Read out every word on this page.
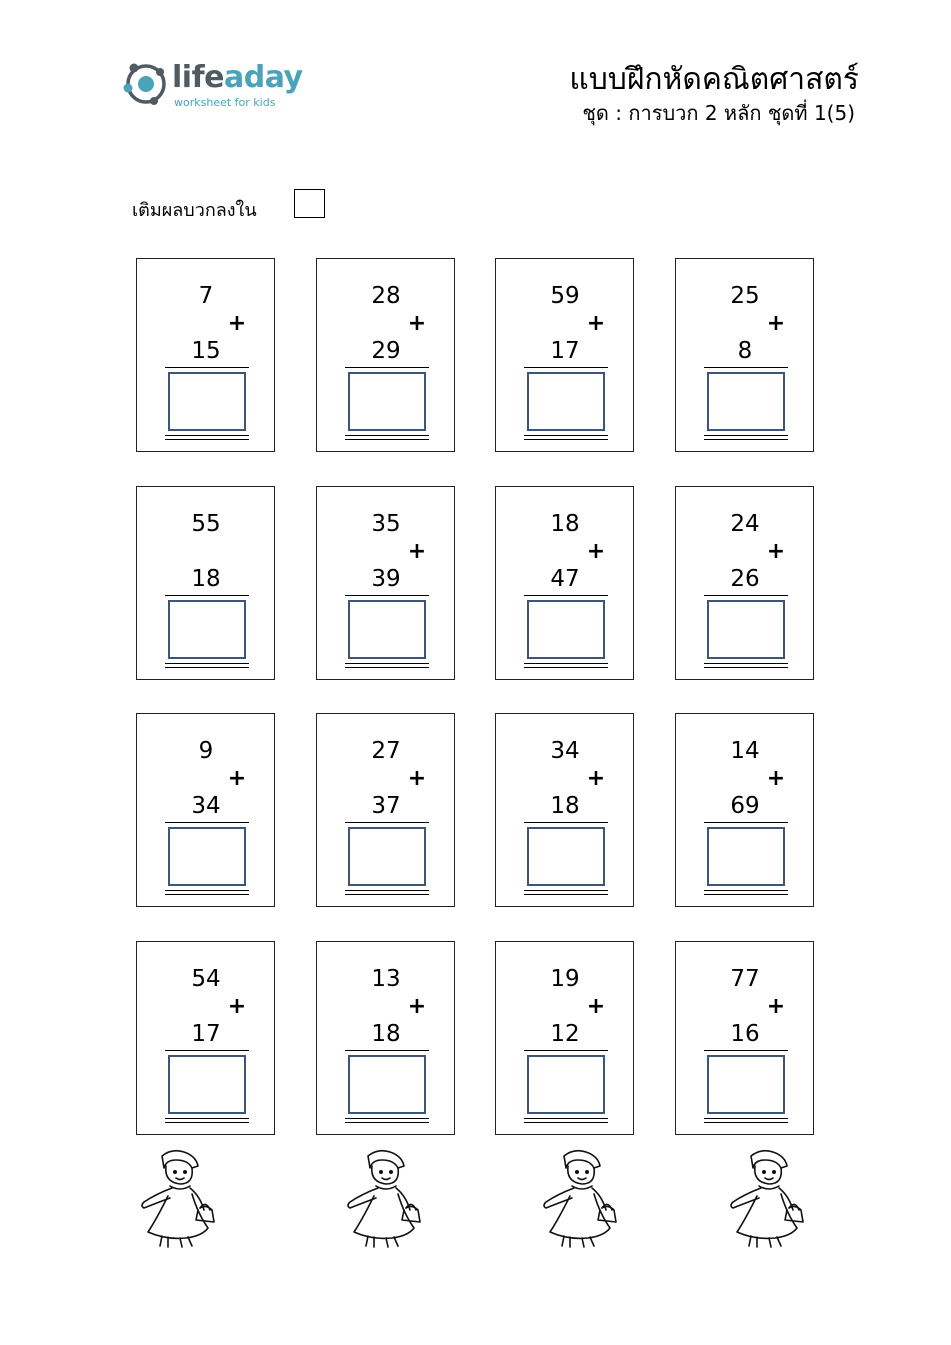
lifeaday
worksheet for kids
แบบฝึกหัดคณิตศาสตร์
ชุด : การบวก 2 หลัก ชุดที่ 1(5)
เติมผลบวกลงใน
7
+
15
28
+
29
59
+
17
25
+
8
55
18
35
+
39
18
+
47
24
+
26
9
+
34
27
+
37
34
+
18
14
+
69
54
+
17
13
+
18
19
+
12
77
+
16
